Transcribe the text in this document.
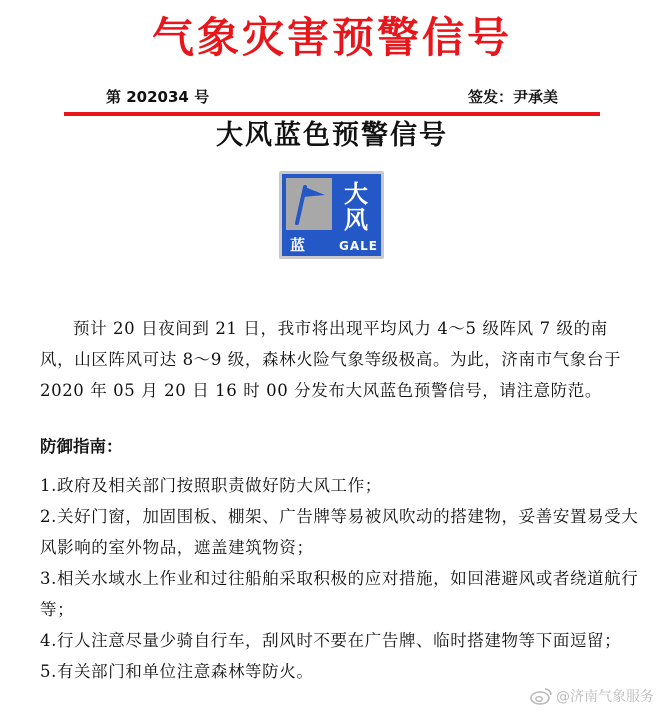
气象灾害预警信号
第 202034 号	签发：尹承美
大风蓝色预警信号
蓝	GALE
大
风

预计 20 日夜间到 21 日，我市将出现平均风力 4～5 级阵风 7 级的南风，山区阵风可达 8～9 级，森林火险气象等级极高。为此，济南市气象台于 2020 年 05 月 20 日 16 时 00 分发布大风蓝色预警信号，请注意防范。

防御指南：
1.政府及相关部门按照职责做好防大风工作；
2.关好门窗，加固围板、棚架、广告牌等易被风吹动的搭建物，妥善安置易受大风影响的室外物品，遮盖建筑物资；
3.相关水域水上作业和过往船舶采取积极的应对措施，如回港避风或者绕道航行等；
4.行人注意尽量少骑自行车，刮风时不要在广告牌、临时搭建物等下面逗留；
5.有关部门和单位注意森林等防火。
@济南气象服务
